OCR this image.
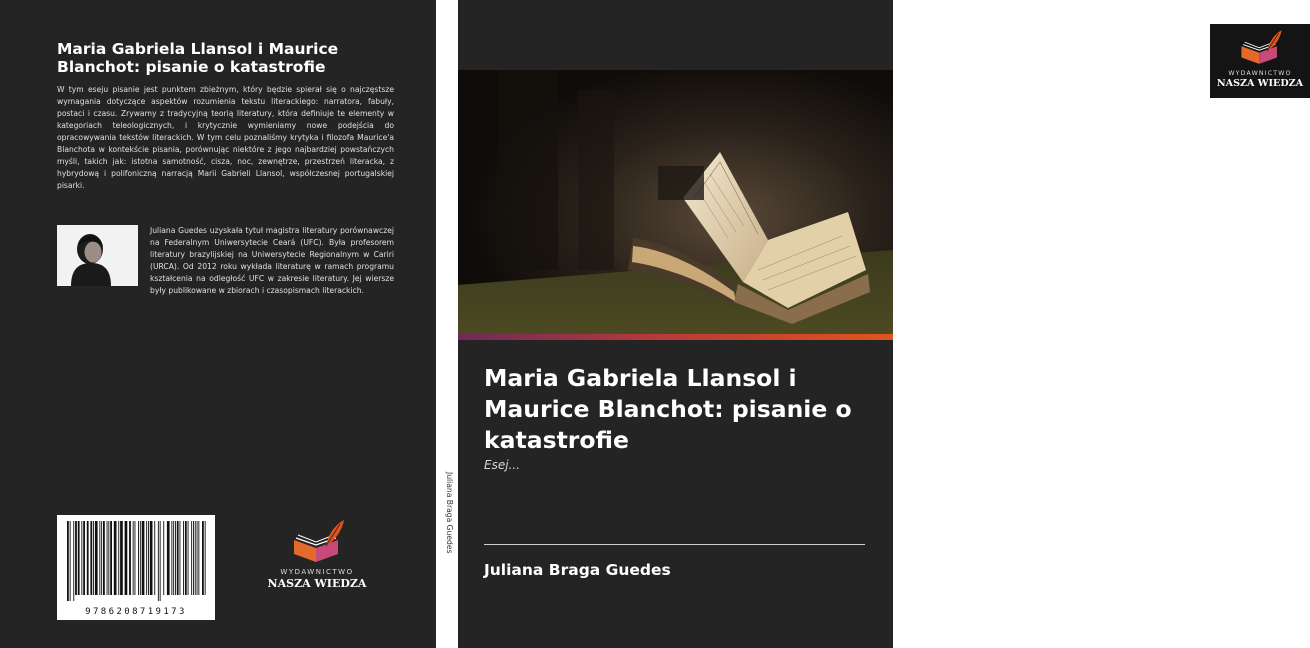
Maria Gabriela Llansol i Maurice Blanchot: pisanie o katastrofie
W tym eseju pisanie jest punktem zbieżnym, który będzie spierał się o najczęstsze wymagania dotyczące aspektów rozumienia tekstu literackiego: narratora, fabuły, postaci i czasu. Zrywamy z tradycyjną teorią literatury, która definiuje te elementy w kategoriach teleologicznych, i krytycznie wymieniamy nowe podejścia do opracowywania tekstów literackich. W tym celu poznaliśmy krytyka i filozofa Maurice'a Blanchota w kontekście pisania, porównując niektóre z jego najbardziej powstańczych myśli, takich jak: istotna samotność, cisza, noc, zewnętrze, przestrzeń literacka, z hybrydową i polifoniczną narracją Marii Gabrieli Llansol, współczesnej portugalskiej pisarki.
Juliana Guedes uzyskała tytuł magistra literatury porównawczej na Federalnym Uniwersytecie Ceará (UFC). Była profesorem literatury brazylijskiej na Uniwersytecie Regionalnym w Cariri (URCA). Od 2012 roku wykłada literaturę w ramach programu kształcenia na odległość UFC w zakresie literatury. Jej wiersze były publikowane w zbiorach i czasopismach literackich.
9786208719173
WYDAWNICTWO
NASZA WIEDZA
Juliana Braga Guedes
WYDAWNICTWO
NASZA WIEDZA
Maria Gabriela Llansol i Maurice Blanchot: pisanie o katastrofie
Esej...
Juliana Braga Guedes
